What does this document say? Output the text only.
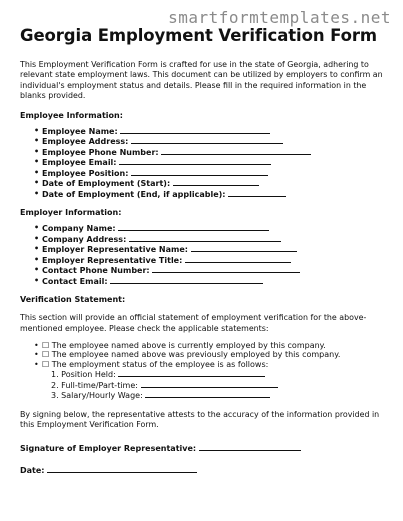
smartformtemplates.net
Georgia Employment Verification Form

This Employment Verification Form is crafted for use in the state of Georgia, adhering to relevant state employment laws. This document can be utilized by employers to confirm an individual's employment status and details. Please fill in the required information in the blanks provided.

Employee Information:
• Employee Name:
• Employee Address:
• Employee Phone Number:
• Employee Email:
• Employee Position:
• Date of Employment (Start):
• Date of Employment (End, if applicable):
Employer Information:
• Company Name:
• Company Address:
• Employer Representative Name:
• Employer Representative Title:
• Contact Phone Number:
• Contact Email:
Verification Statement:

This section will provide an official statement of employment verification for the above-mentioned employee. Please check the applicable statements:

• ☐ The employee named above is currently employed by this company.
• ☐ The employee named above was previously employed by this company.
• ☐ The employment status of the employee is as follows:
1. Position Held:
2. Full-time/Part-time:
3. Salary/Hourly Wage:

By signing below, the representative attests to the accuracy of the information provided in this Employment Verification Form.

Signature of Employer Representative:
Date:
